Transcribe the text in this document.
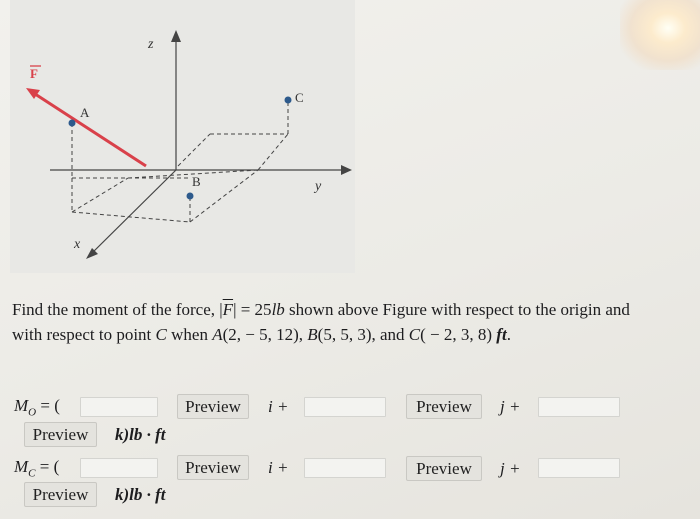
z
y
x
A
B
C
F

Find the moment of the force, $|\overline{F}| = 25lb$ shown above Figure with respect to the origin and

with respect to point C when A(2, − 5, 12), B(5, 5, 3), and C( − 2, 3, 8) ft.

$M_O$ = (	Preview	i +	Preview	j +
Preview	k)lb · ft
$M_C$ = (	Preview	i +	Preview	j +
Preview	k)lb · ft
